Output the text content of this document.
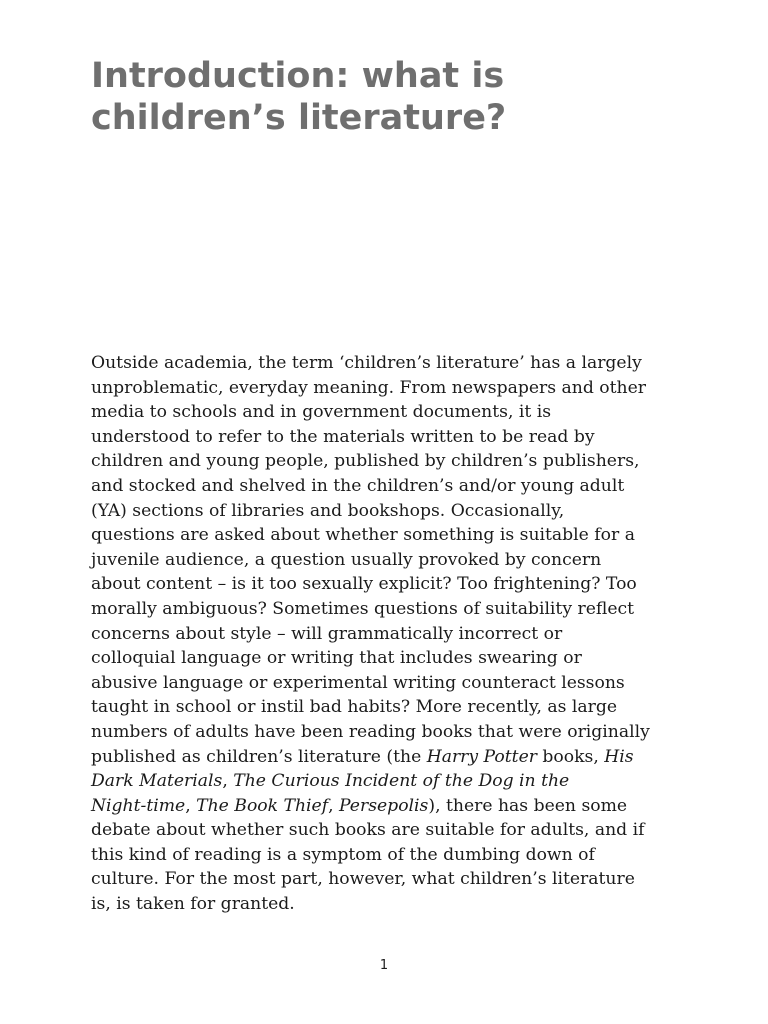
Introduction: what is
children’s literature?

Outside academia, the term ‘children’s literature’ has a largely
unproblematic, everyday meaning. From newspapers and other
media to schools and in government documents, it is
understood to refer to the materials written to be read by
children and young people, published by children’s publishers,
and stocked and shelved in the children’s and/or young adult
(YA) sections of libraries and bookshops. Occasionally,
questions are asked about whether something is suitable for a
juvenile audience, a question usually provoked by concern
about content – is it too sexually explicit? Too frightening? Too
morally ambiguous? Sometimes questions of suitability reflect
concerns about style – will grammatically incorrect or
colloquial language or writing that includes swearing or
abusive language or experimental writing counteract lessons
taught in school or instil bad habits? More recently, as large
numbers of adults have been reading books that were originally
published as children’s literature (the Harry Potter books, His
Dark Materials, The Curious Incident of the Dog in the
Night-time, The Book Thief, Persepolis), there has been some
debate about whether such books are suitable for adults, and if
this kind of reading is a symptom of the dumbing down of
culture. For the most part, however, what children’s literature
is, is taken for granted.

1
